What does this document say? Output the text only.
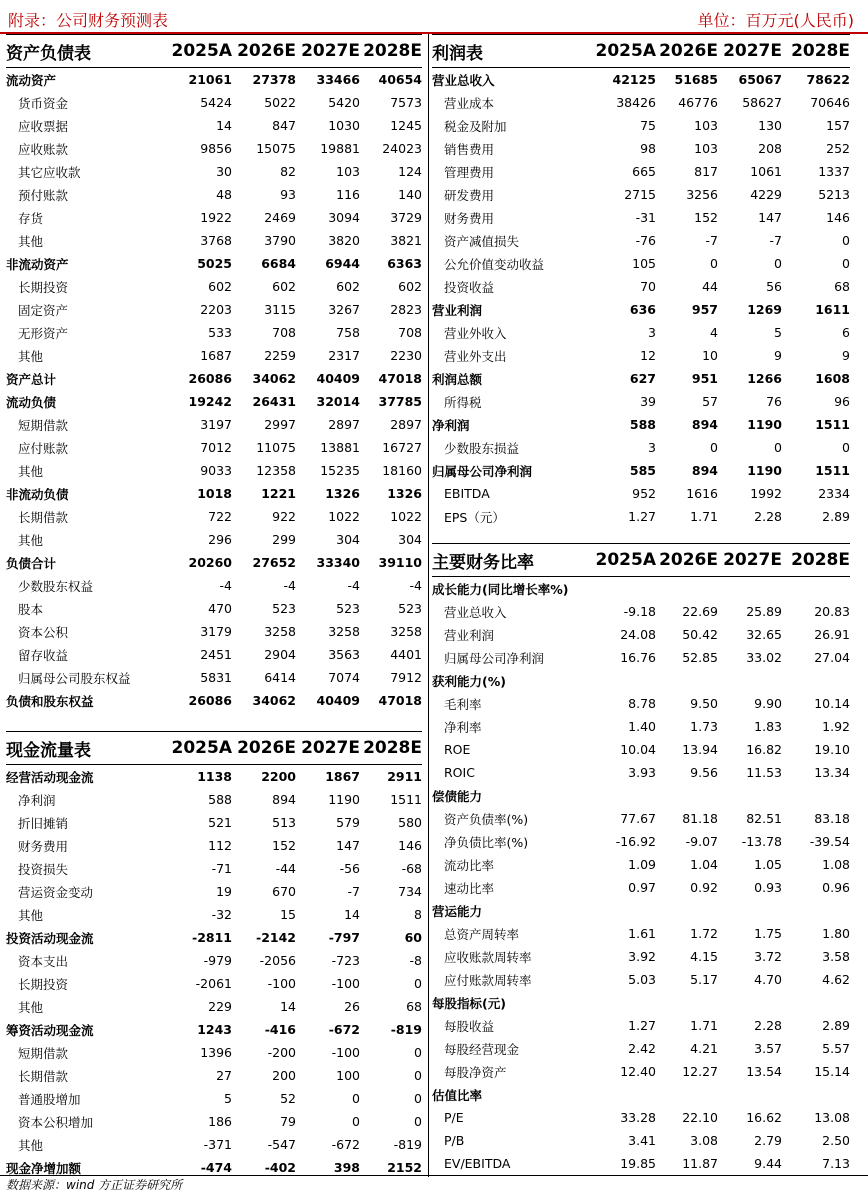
附录：公司财务预测表	单位：百万元(人民币)
资产负债表	2025A	2026E	2027E	2028E
流动资产	21061	27378	33466	40654
货币资金	5424	5022	5420	7573
应收票据	14	847	1030	1245
应收账款	9856	15075	19881	24023
其它应收款	30	82	103	124
预付账款	48	93	116	140
存货	1922	2469	3094	3729
其他	3768	3790	3820	3821
非流动资产	5025	6684	6944	6363
长期投资	602	602	602	602
固定资产	2203	3115	3267	2823
无形资产	533	708	758	708
其他	1687	2259	2317	2230
资产总计	26086	34062	40409	47018
流动负债	19242	26431	32014	37785
短期借款	3197	2997	2897	2897
应付账款	7012	11075	13881	16727
其他	9033	12358	15235	18160
非流动负债	1018	1221	1326	1326
长期借款	722	922	1022	1022
其他	296	299	304	304
负债合计	20260	27652	33340	39110
少数股东权益	-4	-4	-4	-4
股本	470	523	523	523
资本公积	3179	3258	3258	3258
留存收益	2451	2904	3563	4401
归属母公司股东权益	5831	6414	7074	7912
负债和股东权益	26086	34062	40409	47018
利润表	2025A	2026E	2027E	2028E
营业总收入	42125	51685	65067	78622
营业成本	38426	46776	58627	70646
税金及附加	75	103	130	157
销售费用	98	103	208	252
管理费用	665	817	1061	1337
研发费用	2715	3256	4229	5213
财务费用	-31	152	147	146
资产减值损失	-76	-7	-7	0
公允价值变动收益	105	0	0	0
投资收益	70	44	56	68
营业利润	636	957	1269	1611
营业外收入	3	4	5	6
营业外支出	12	10	9	9
利润总额	627	951	1266	1608
所得税	39	57	76	96
净利润	588	894	1190	1511
少数股东损益	3	0	0	0
归属母公司净利润	585	894	1190	1511
EBITDA	952	1616	1992	2334
EPS（元）	1.27	1.71	2.28	2.89
现金流量表	2025A	2026E	2027E	2028E
经营活动现金流	1138	2200	1867	2911
净利润	588	894	1190	1511
折旧摊销	521	513	579	580
财务费用	112	152	147	146
投资损失	-71	-44	-56	-68
营运资金变动	19	670	-7	734
其他	-32	15	14	8
投资活动现金流	-2811	-2142	-797	60
资本支出	-979	-2056	-723	-8
长期投资	-2061	-100	-100	0
其他	229	14	26	68
筹资活动现金流	1243	-416	-672	-819
短期借款	1396	-200	-100	0
长期借款	27	200	100	0
普通股增加	5	52	0	0
资本公积增加	186	79	0	0
其他	-371	-547	-672	-819
现金净增加额	-474	-402	398	2152
主要财务比率	2025A	2026E	2027E	2028E
成长能力(同比增长率%)				
营业总收入	-9.18	22.69	25.89	20.83
营业利润	24.08	50.42	32.65	26.91
归属母公司净利润	16.76	52.85	33.02	27.04
获利能力(%)				
毛利率	8.78	9.50	9.90	10.14
净利率	1.40	1.73	1.83	1.92
ROE	10.04	13.94	16.82	19.10
ROIC	3.93	9.56	11.53	13.34
偿债能力				
资产负债率(%)	77.67	81.18	82.51	83.18
净负债比率(%)	-16.92	-9.07	-13.78	-39.54
流动比率	1.09	1.04	1.05	1.08
速动比率	0.97	0.92	0.93	0.96
营运能力				
总资产周转率	1.61	1.72	1.75	1.80
应收账款周转率	3.92	4.15	3.72	3.58
应付账款周转率	5.03	5.17	4.70	4.62
每股指标(元)				
每股收益	1.27	1.71	2.28	2.89
每股经营现金	2.42	4.21	3.57	5.57
每股净资产	12.40	12.27	13.54	15.14
估值比率				
P/E	33.28	22.10	16.62	13.08
P/B	3.41	3.08	2.79	2.50
EV/EBITDA	19.85	11.87	9.44	7.13
数据来源：wind 方正证券研究所
